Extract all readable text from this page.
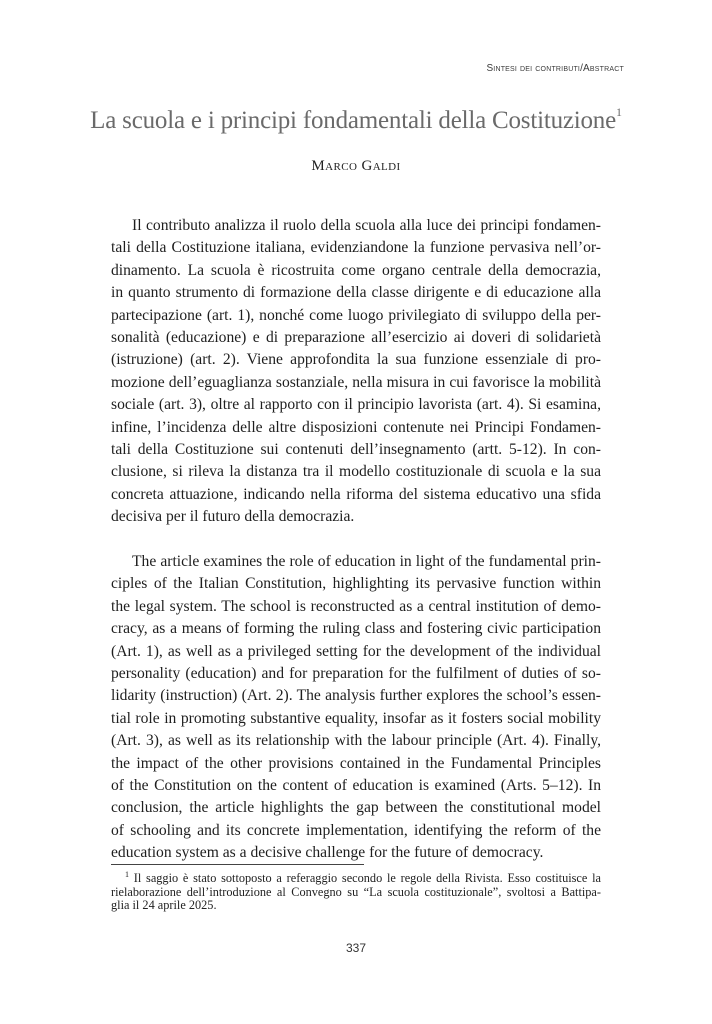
Sintesi dei contributi/Abstract
La scuola e i principi fondamentali della Costituzione$^1$
Marco Galdi
Il contributo analizza il ruolo della scuola alla luce dei principi fondamen-
tali della Costituzione italiana, evidenziandone la funzione pervasiva nell’or-
dinamento. La scuola è ricostruita come organo centrale della democrazia,
in quanto strumento di formazione della classe dirigente e di educazione alla
partecipazione (art. 1), nonché come luogo privilegiato di sviluppo della per-
sonalità (educazione) e di preparazione all’esercizio ai doveri di solidarietà
(istruzione) (art. 2). Viene approfondita la sua funzione essenziale di pro-
mozione dell’eguaglianza sostanziale, nella misura in cui favorisce la mobilità
sociale (art. 3), oltre al rapporto con il principio lavorista (art. 4). Si esamina,
infine, l’incidenza delle altre disposizioni contenute nei Principi Fondamen-
tali della Costituzione sui contenuti dell’insegnamento (artt. 5-12). In con-
clusione, si rileva la distanza tra il modello costituzionale di scuola e la sua
concreta attuazione, indicando nella riforma del sistema educativo una sfida
decisiva per il futuro della democrazia.
The article examines the role of education in light of the fundamental prin-
ciples of the Italian Constitution, highlighting its pervasive function within
the legal system. The school is reconstructed as a central institution of demo-
cracy, as a means of forming the ruling class and fostering civic participation
(Art. 1), as well as a privileged setting for the development of the individual
personality (education) and for preparation for the fulfilment of duties of so-
lidarity (instruction) (Art. 2). The analysis further explores the school’s essen-
tial role in promoting substantive equality, insofar as it fosters social mobility
(Art. 3), as well as its relationship with the labour principle (Art. 4). Finally,
the impact of the other provisions contained in the Fundamental Principles
of the Constitution on the content of education is examined (Arts. 5–12). In
conclusion, the article highlights the gap between the constitutional model
of schooling and its concrete implementation, identifying the reform of the
education system as a decisive challenge for the future of democracy.
$^1$ Il saggio è stato sottoposto a referaggio secondo le regole della Rivista. Esso costituisce la
rielaborazione dell’introduzione al Convegno su “La scuola costituzionale”, svoltosi a Battipa-
glia il 24 aprile 2025.
337
